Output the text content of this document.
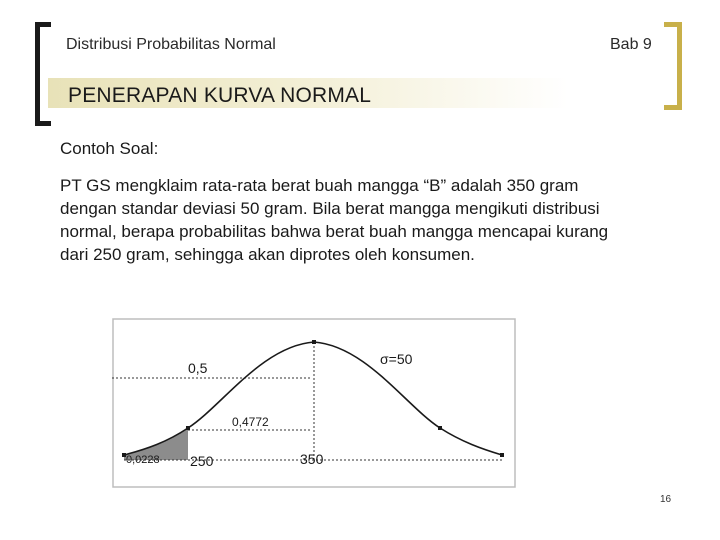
Distribusi Probabilitas Normal	Bab 9
PENERAPAN KURVA NORMAL
Contoh Soal:
PT GS mengklaim rata-rata berat buah mangga “B” adalah 350 gram dengan standar deviasi 50 gram. Bila berat mangga mengikuti distribusi normal, berapa probabilitas bahwa berat buah mangga mencapai kurang dari 250 gram, sehingga akan diprotes oleh konsumen.
0,5
σ=50
0,4772
0,0228 250	350
16
